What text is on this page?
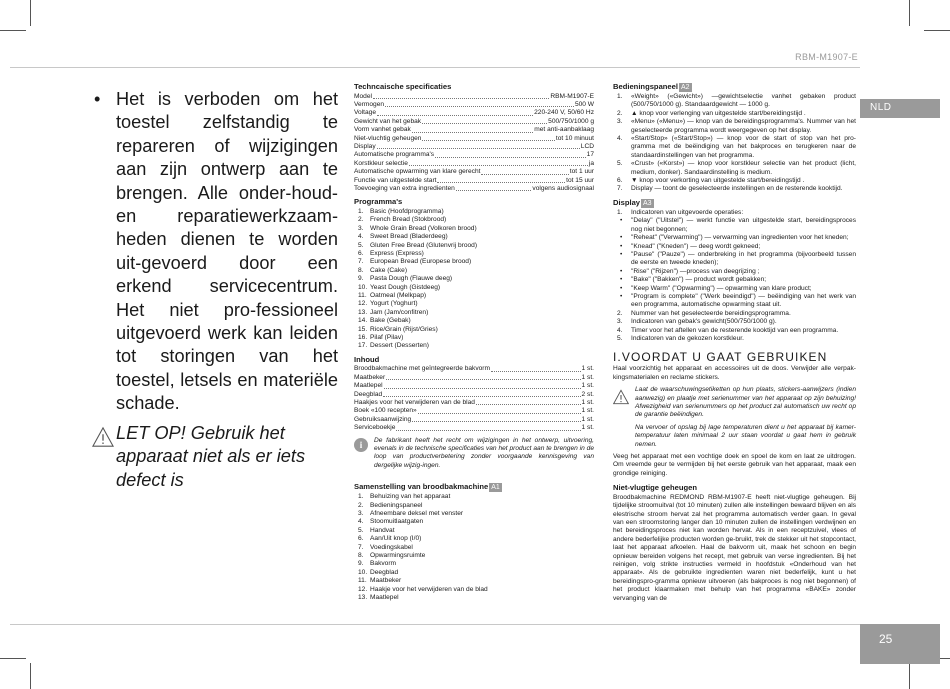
RBM-M1907-E
NLD
25

• Het is verboden om het toestel zelfstandig te repareren of wijzigingen aan zijn ontwerp aan te brengen. Alle onder-houd- en reparatiewerkzaam-heden dienen te worden uit-gevoerd door een erkend servicecentrum. Het niet pro-fessioneel uitgevoerd werk kan leiden tot storingen van het toestel, letsels en materiële schade.

LET OP! Gebruik het apparaat niet als er iets defect is

Technсaische specificaties
Model	RBM-M1907-E
Vermogen	500 W
Voltage	220-240 V, 50/60 Hz
Gewicht van het gebak	500/750/1000 g
Vorm vanhet gebak	met anti-aanbaklaag
Niet-vluchtig geheugen	tot 10 minuut
Display	LCD
Automatische programma's	17
Korstkleur selectie	ja
Automatische opwarming van klare gerecht	tot 1 uur
Functie van uitgestelde start	tot 15 uur
Toevoeging van extra ingredienten	volgens audiosignaal
Programma's
1. Basic (Hoofdprogramma)
2. French Bread (Stokbrood)
3. Whole Grain Bread (Volkoren brood)
4. Sweet Bread (Bladerdeeg)
5. Gluten Free Bread (Glutenvrij brood)
6. Express (Express)
7. European Bread (Europese brood)
8. Cake (Cake)
9. Pasta Dough (Flauwe deeg)
10. Yeast Dough (Gistdeeg)
11. Oatmeal (Melkpap)
12. Yogurt (Yoghurt)
13. Jam (Jam/confitren)
14. Bake (Gebak)
15. Rice/Grain (Rijst/Gries)
16. Pilaf (Pilav)
17. Dessert (Desserten)
Inhoud
Broodbakmachine met geïntegreerde bakvorm	1 st.
Maatbeker	1 st.
Maatlepel	1 st.
Deegblad	2 st.
Haakjes voor het verwijderen van de blad	1 st.
Boek «100 recepten»	1 st.
Gebruiksaanwijzing	1 st.
Serviceboekje	1 st.
i	De fabrikant heeft het recht om wijzigingen in het ontwerp, uitvoering, evenals in de technische specificaties van het product aan te brengen in de loop van productverbetering zonder voorgaande kennisgeving van dergelijke wijzig-ingen.

Samenstelling van broodbakmachine A1
1. Behuizing van het apparaat
2. Bedieningspaneel
3. Afneembare deksel met venster
4. Stoomuitlaatgaten
5. Handvat
6. Aan/Uit knop (I/0)
7. Voedingskabel
8. Opwarmingsruimte
9. Bakvorm
10. Deegblad
11. Maatbeker
12. Haakje voor het verwijderen van de blad
13. Maatlepel
Bedieningspaneel A2
1. «Weight» («Gewicht») —gewichtselectie vanhet gebaken product (500/750/1000 g). Standaardgewicht — 1000 g.
2. ▲ knop voor verlenging van uitgestelde start/bereidingstijd .
3. «Menu» («Menu») — knop van de bereidingsprogramma's. Nummer van het geselecteerde programma wordt weergegeven op het display.
4. «Start/Stop» («Start/Stop») — knop voor de start of stop van het pro-gramma met de beëindiging van het bakproces en terugkeren naar de standaardinstellingen van het programma.
5. «Crust» («Korst») — knop voor korstkleur selectie van het product (licht, medium, donker). Sandaardinstelling is medium.
6. ▼ knop voor verkorting van uitgestelde start/bereidingstijd .
7. Display — toont de geselecteerde instellingen en de resterende kooktijd.
Display A3
1. Indicatoren van uitgevoerde operaties:
• "Delay" ("Uitstel") — werkt functie van uitgestelde start, bereidingsproces nog niet begonnen;
• "Reheat" ("Verwarming") — verwarming van ingredienten voor het kneden;
• "Knead" ("Kneden") — deeg wordt gekneed;
• "Pause" ("Pauze") — onderbreking in het programma (bijvoorbeeld tussen de eerste en tweede kneden);
• "Rise" ("Rijzen") —process van deegrijzing ;
• "Bake" ("Bakken") — product wordt gebakken;
• "Keep Warm" ("Opwarming") — opwarming van klare product;
• "Program is complete" ("Werk beeindigd") — beëindiging van het werk van een programma, automatische opwarming staat uit.
2. Nummer van het geselecteerde bereidingsprogramma.
3. Indicatoren van gebak's gewicht(500/750/1000 g).
4. Timer voor het aftellen van de resterende kooktijd van een programma.
5. Indicatoren van de gekozen korstkleur.
I.VOORDAT U GAAT GEBRUIKEN

Haal voorzichtig het apparaat en accessoires uit de doos. Verwijder alle verpak-kingsmaterialen en reclame stickers.

Laat de waarschuwingsetiketten op hun plaats, stickers-aanwijzers (indien aanwezig) en plaatje met serienummer van het apparaat op zijn behuizing! Afwezigheid van serienummers op het product zal automatisch uw recht op de garantie beëindigen.

Na vervoer of opslag bij lage temperaturen dient u het apparaat bij kamer-temperatuur laten minimaal 2 uur staan voordat u gaat hem in gebruik nemen.

Veeg het apparaat met een vochtige doek en spoel de kom en laat ze uitdrogen. Om vreemde geur te vermijden bij het eerste gebruik van het apparaat, maak een grondige reiniging.

Niet-vlugtige geheugen

Broodbakmachine REDMOND RBM-M1907-E heeft niet-vlugtige geheugen. Bij tijdelijke stroomuitval (tot 10 minuten) zullen alle instellingen bewaard blijven en als elestrische stroom hervat zal het programma automatisch verder gaan. In geval van een stroomstoring langer dan 10 minuten zullen de instellingen verdwijnen en het bereidingsproces niet kan worden hervat. Als in een receptzuivel, vlees of andere bederfelijke producten worden ge-bruikt, trek de stekker uit het stopcontact, laat het apparaat afkoelen. Haal de bakvorm uit, maak het schoon en begin opnieuw bereiden volgens het recept, met gebruik van verse ingredienten. Bij het reinigen, volg strikte instructies vermeld in hoofdstuk «Onderhoud van het apparaat». Als de gebruikte ingredienten waren niet bederfelijk, kunt u het bereidingspro-gramma opnieuw uitvoeren (als bakproces is nog niet begonnen) of het product klaarmaken met behulp van het programma «BAKE» zonder vervanging van de
